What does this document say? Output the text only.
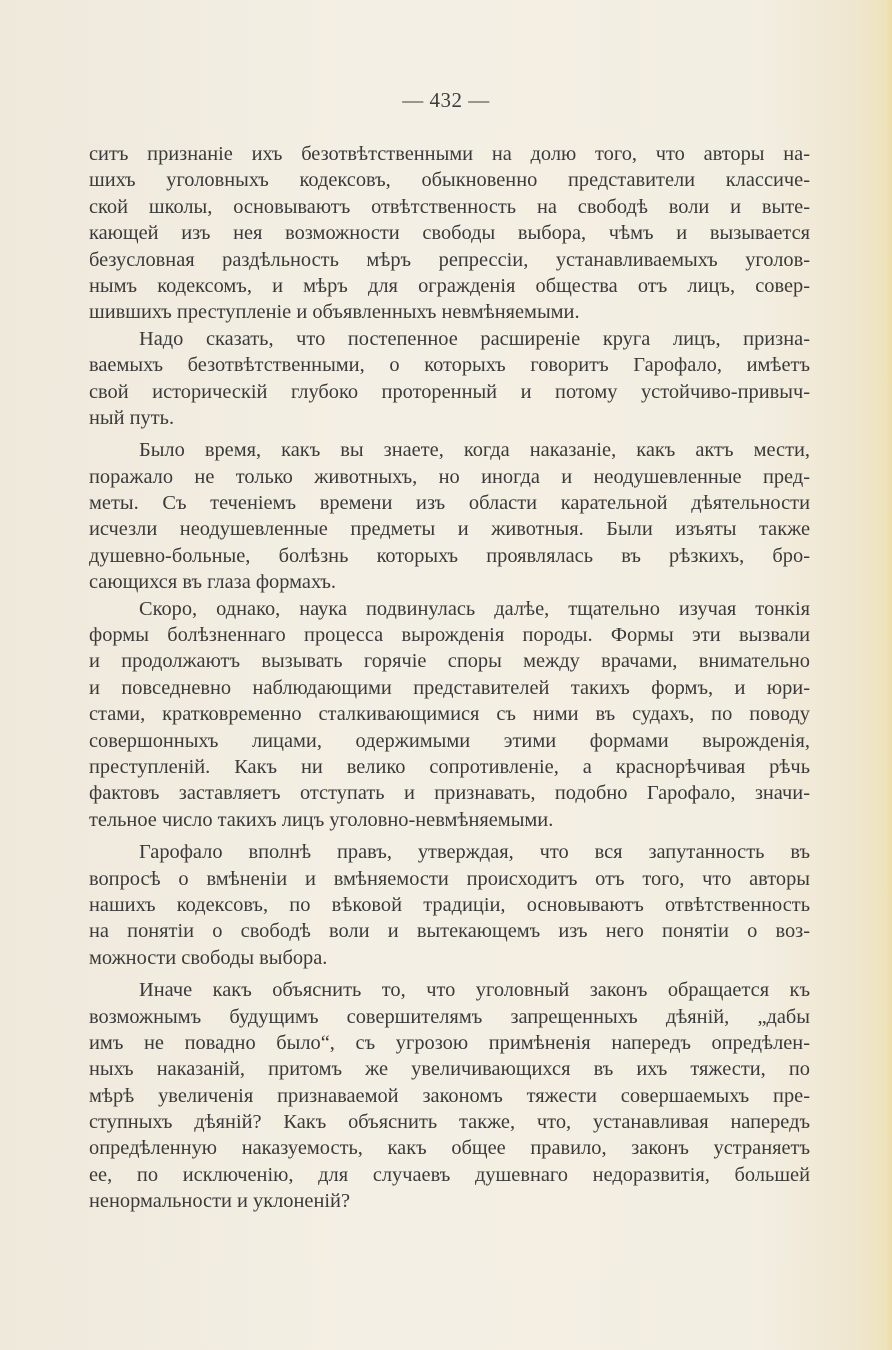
— 432 —

ситъ признаніе ихъ безотвѣтственными на долю того, что авторы на-
шихъ уголовныхъ кодексовъ, обыкновенно представители классиче-
ской школы, основываютъ отвѣтственность на свободѣ воли и выте-
кающей изъ нея возможности свободы выбора, чѣмъ и вызывается
безусловная раздѣльность мѣръ репрессіи, устанавливаемыхъ уголов-
нымъ кодексомъ, и мѣръ для огражденія общества отъ лицъ, совер-
шившихъ преступленіе и объявленныхъ невмѣняемыми.

Надо сказать, что постепенное расширеніе круга лицъ, призна-
ваемыхъ безотвѣтственными, о которыхъ говоритъ Гарофало, имѣетъ
свой историческій глубоко проторенный и потому устойчиво-привыч-
ный путь.

Было время, какъ вы знаете, когда наказаніе, какъ актъ мести,
поражало не только животныхъ, но иногда и неодушевленные пред-
меты. Съ теченіемъ времени изъ области карательной дѣятельности
исчезли неодушевленные предметы и животныя. Были изъяты также
душевно-больные, болѣзнь которыхъ проявлялась въ рѣзкихъ, бро-
сающихся въ глаза формахъ.

Скоро, однако, наука подвинулась далѣе, тщательно изучая тонкія
формы болѣзненнаго процесса вырожденія породы. Формы эти вызвали
и продолжаютъ вызывать горячіе споры между врачами, внимательно
и повседневно наблюдающими представителей такихъ формъ, и юри-
стами, кратковременно сталкивающимися съ ними въ судахъ, по поводу
совершонныхъ лицами, одержимыми этими формами вырожденія,
преступленій. Какъ ни велико сопротивленіе, а краснорѣчивая рѣчь
фактовъ заставляетъ отступать и признавать, подобно Гарофало, значи-
тельное число такихъ лицъ уголовно-невмѣняемыми.

Гарофало вполнѣ правъ, утверждая, что вся запутанность въ
вопросѣ о вмѣненіи и вмѣняемости происходитъ отъ того, что авторы
нашихъ кодексовъ, по вѣковой традиціи, основываютъ отвѣтственность
на понятіи о свободѣ воли и вытекающемъ изъ него понятіи о воз-
можности свободы выбора.

Иначе какъ объяснить то, что уголовный законъ обращается къ
возможнымъ будущимъ совершителямъ запрещенныхъ дѣяній, „дабы
имъ не повадно было“, съ угрозою примѣненія напередъ опредѣлен-
ныхъ наказаній, притомъ же увеличивающихся въ ихъ тяжести, по
мѣрѣ увеличенія признаваемой закономъ тяжести совершаемыхъ пре-
ступныхъ дѣяній? Какъ объяснить также, что, устанавливая напередъ
опредѣленную наказуемость, какъ общее правило, законъ устраняетъ
ее, по исключенію, для случаевъ душевнаго недоразвитія, большей
ненормальности и уклоненій?
